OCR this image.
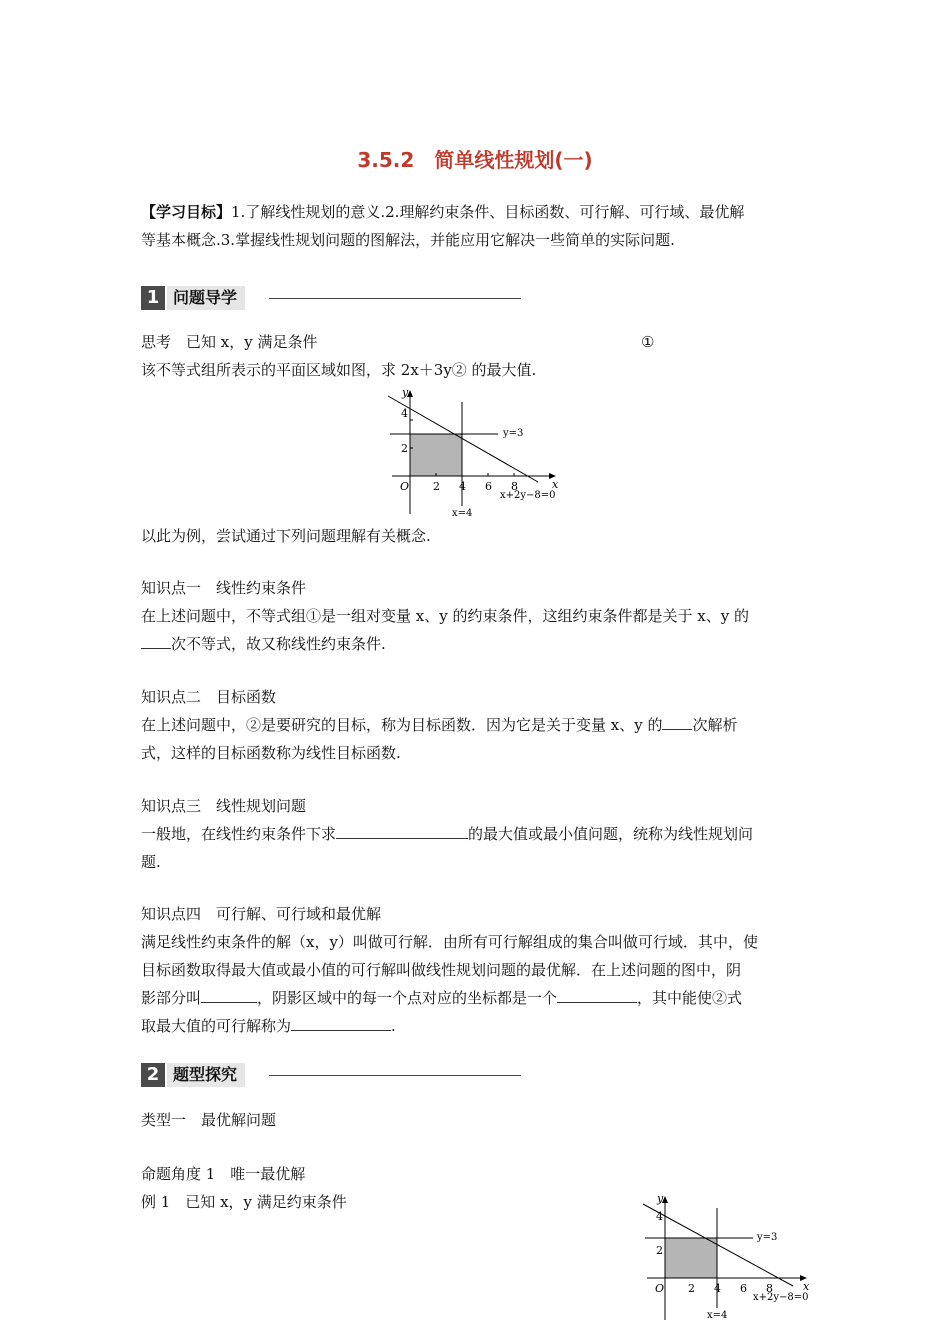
3.5.2　简单线性规划(一)
【学习目标】1.了解线性规划的意义.2.理解约束条件、目标函数、可行解、可行域、最优解
等基本概念.3.掌握线性规划问题的图解法，并能应用它解决一些简单的实际问题.
1 问题导学
思考　已知 x，y 满足条件	①
该不等式组所表示的平面区域如图，求 2x＋3y② 的最大值.
y
x
O 2 4 6 8
2
4
y=3
x=4
x+2y−8=0
以此为例，尝试通过下列问题理解有关概念.
知识点一　线性约束条件
在上述问题中，不等式组①是一组对变量 x、y 的约束条件，这组约束条件都是关于 x、y 的
次不等式，故又称线性约束条件.
知识点二　目标函数
在上述问题中，②是要研究的目标，称为目标函数．因为它是关于变量 x、y 的 次解析
式，这样的目标函数称为线性目标函数.
知识点三　线性规划问题
一般地，在线性约束条件下求	的最大值或最小值问题，统称为线性规划问
题.
知识点四　可行解、可行域和最优解
满足线性约束条件的解（x，y）叫做可行解．由所有可行解组成的集合叫做可行域．其中，使
目标函数取得最大值或最小值的可行解叫做线性规划问题的最优解．在上述问题的图中，阴
影部分叫	，阴影区域中的每一个点对应的坐标都是一个	，其中能使②式
取最大值的可行解称为	.
2 题型探究
类型一　最优解问题
命题角度 1　唯一最优解
例 1　已知 x，y 满足约束条件	y
x
O 2 4 6 8
2
4
y=3
x=4
x+2y−8=0
